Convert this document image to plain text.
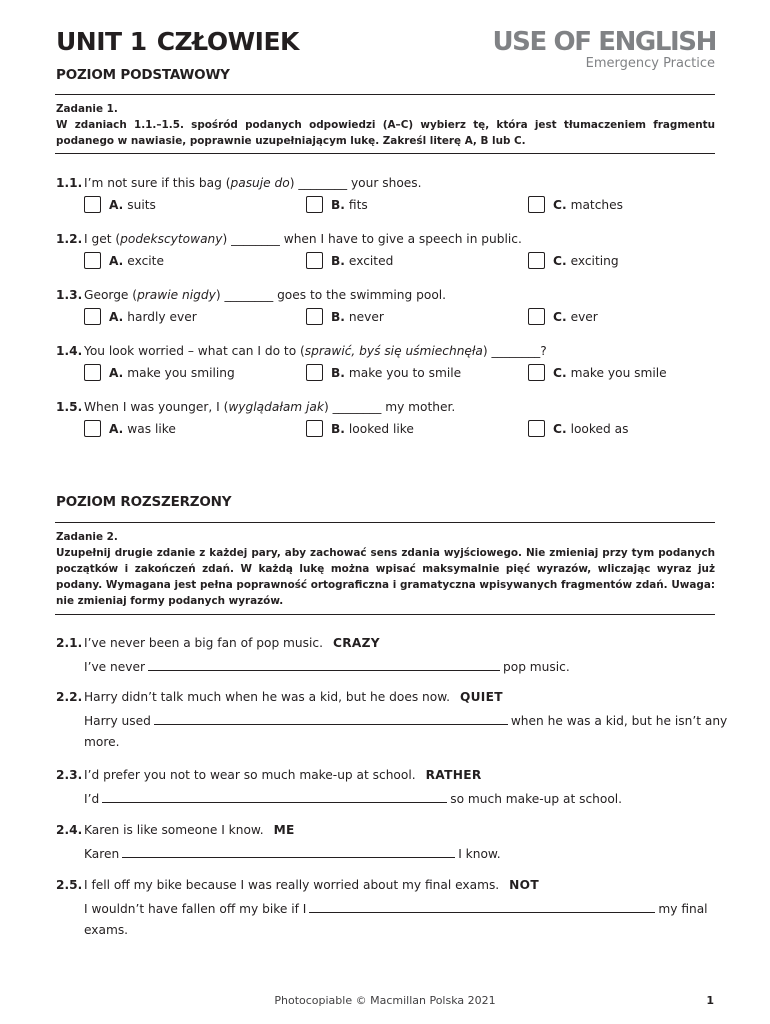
UNIT 1 CZŁOWIEK	USE OF ENGLISH
Emergency Practice
POZIOM PODSTAWOWY
Zadanie 1.
W zdaniach 1.1.–1.5. spośród podanych odpowiedzi (A–C) wybierz tę, która jest tłumaczeniem fragmentu podanego w nawiasie, poprawnie uzupełniającym lukę. Zakreśl literę A, B lub C.
1.1. I’m not sure if this bag (pasuje do) ________ your shoes.
A. suits	B. fits	C. matches
1.2. I get (podekscytowany) ________ when I have to give a speech in public.
A. excite	B. excited	C. exciting
1.3. George (prawie nigdy) ________ goes to the swimming pool.
A. hardly ever	B. never	C. ever
1.4. You look worried – what can I do to (sprawić, byś się uśmiechnęła) ________?
A. make you smiling	B. make you to smile	C. make you smile
1.5. When I was younger, I (wyglądałam jak) ________ my mother.
A. was like	B. looked like	C. looked as
POZIOM ROZSZERZONY
Zadanie 2.
Uzupełnij drugie zdanie z każdej pary, aby zachować sens zdania wyjściowego. Nie zmieniaj przy tym podanych początków i zakończeń zdań. W każdą lukę można wpisać maksymalnie pięć wyrazów, wliczając wyraz już podany. Wymagana jest pełna poprawność ortograficzna i gramatyczna wpisywanych fragmentów zdań. Uwaga: nie zmieniaj formy podanych wyrazów.
2.1. I’ve never been a big fan of pop music. CRAZY
I’ve never	pop music.
2.2. Harry didn’t talk much when he was a kid, but he does now. QUIET
Harry used	when he was a kid, but he isn’t any
more.
2.3. I’d prefer you not to wear so much make-up at school. RATHER
I’d	so much make-up at school.
2.4. Karen is like someone I know. ME
Karen	I know.
2.5. I fell off my bike because I was really worried about my final exams. NOT
I wouldn’t have fallen off my bike if I	my final
exams.
Photocopiable © Macmillan Polska 2021	1
